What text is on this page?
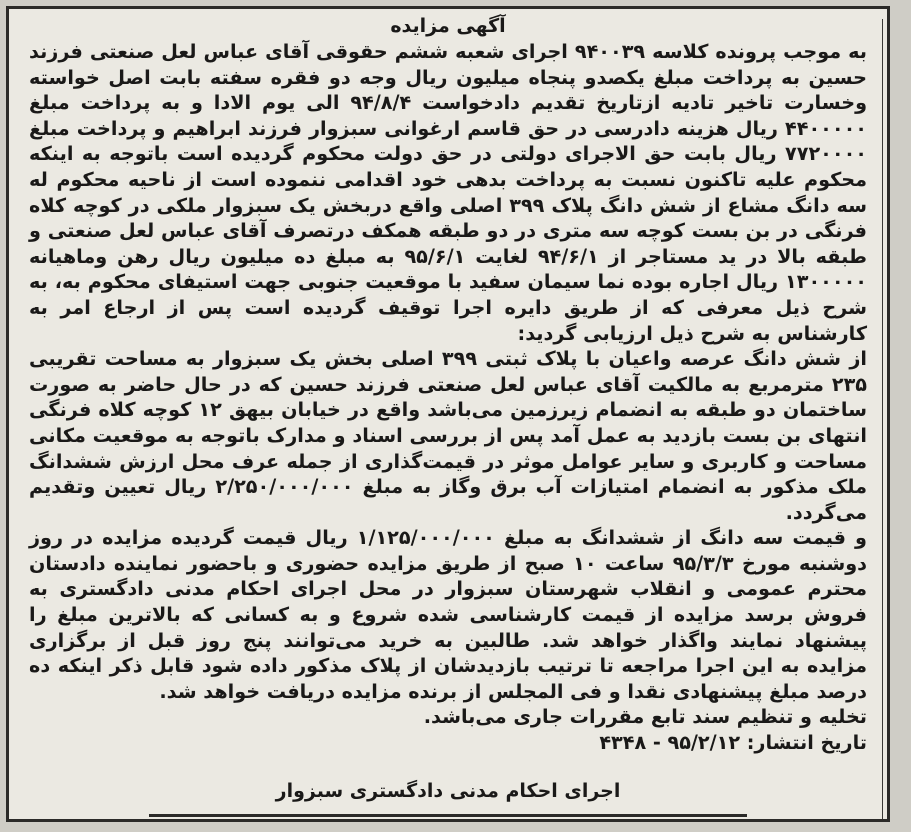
آگهی مزایده

به موجب پرونده کلاسه ۹۴۰۰۳۹ اجرای شعبه ششم حقوقی آقای عباس لعل صنعتی فرزند حسین به پرداخت مبلغ یکصدو پنجاه میلیون ریال وجه دو فقره سفته بابت اصل خواسته وخسارت تاخیر تادیه ازتاریخ تقدیم دادخواست ۹۴/۸/۴ الی یوم الادا و به پرداخت مبلغ ۴۴۰۰۰۰۰ ریال هزینه دادرسی در حق قاسم ارغوانی سبزوار فرزند ابراهیم و پرداخت مبلغ ۷۷۲۰۰۰۰ ریال بابت حق الاجرای دولتی در حق دولت محکوم گردیده است باتوجه به اینکه محکوم علیه تاکنون نسبت به پرداخت بدهی خود اقدامی ننموده است از ناحیه محکوم له سه دانگ مشاع از شش دانگ پلاک ۳۹۹ اصلی واقع دربخش یک سبزوار ملکی در کوچه کلاه فرنگی در بن بست کوچه سه متری در دو طبقه همکف درتصرف آقای عباس لعل صنعتی و طبقه بالا در ید مستاجر از ۹۴/۶/۱ لغایت ۹۵/۶/۱ به مبلغ ده میلیون ریال رهن وماهیانه ۱۳۰۰۰۰۰ ریال اجاره بوده نما سیمان سفید با موقعیت جنوبی جهت استیفای محکوم به، به شرح ذیل معرفی که از طریق دایره اجرا توقیف گردیده است پس از ارجاع امر به کارشناس به شرح ذیل ارزیابی گردید:

از شش دانگ عرصه واعیان با پلاک ثبتی ۳۹۹ اصلی بخش یک سبزوار به مساحت تقریبی ۲۳۵ مترمربع به مالکیت آقای عباس لعل صنعتی فرزند حسین که در حال حاضر به صورت ساختمان دو طبقه به انضمام زیرزمین می‌باشد واقع در خیابان بیهق ۱۲ کوچه کلاه فرنگی انتهای بن بست بازدید به عمل آمد پس از بررسی اسناد و مدارک باتوجه به موقعیت مکانی مساحت و کاربری و سایر عوامل موثر در قیمت‌گذاری از جمله عرف محل ارزش ششدانگ ملک مذکور به انضمام امتیازات آب برق وگاز به مبلغ ۲/۲۵۰/۰۰۰/۰۰۰ ریال تعیین وتقدیم می‌گردد.

و قیمت سه دانگ از ششدانگ به مبلغ ۱/۱۲۵/۰۰۰/۰۰۰ ریال قیمت گردیده مزایده در روز دوشنبه مورخ ۹۵/۳/۳ ساعت ۱۰ صبح از طریق مزایده حضوری و باحضور نماینده دادستان محترم عمومی و انقلاب شهرستان سبزوار در محل اجرای احکام مدنی دادگستری به فروش برسد مزایده از قیمت کارشناسی شده شروع و به کسانی که بالاترین مبلغ را پیشنهاد نمایند واگذار خواهد شد. طالبین به خرید می‌توانند پنج روز قبل از برگزاری مزایده به این اجرا مراجعه تا ترتیب بازدیدشان از پلاک مذکور داده شود قابل ذکر اینکه ده درصد مبلغ پیشنهادی نقدا و فی المجلس از برنده مزایده دریافت خواهد شد.

تخلیه و تنظیم سند تابع مقررات جاری می‌باشد.

تاریخ انتشار: ۹۵/۲/۱۲ - ۴۳۴۸

اجرای احکام مدنی دادگستری سبزوار
